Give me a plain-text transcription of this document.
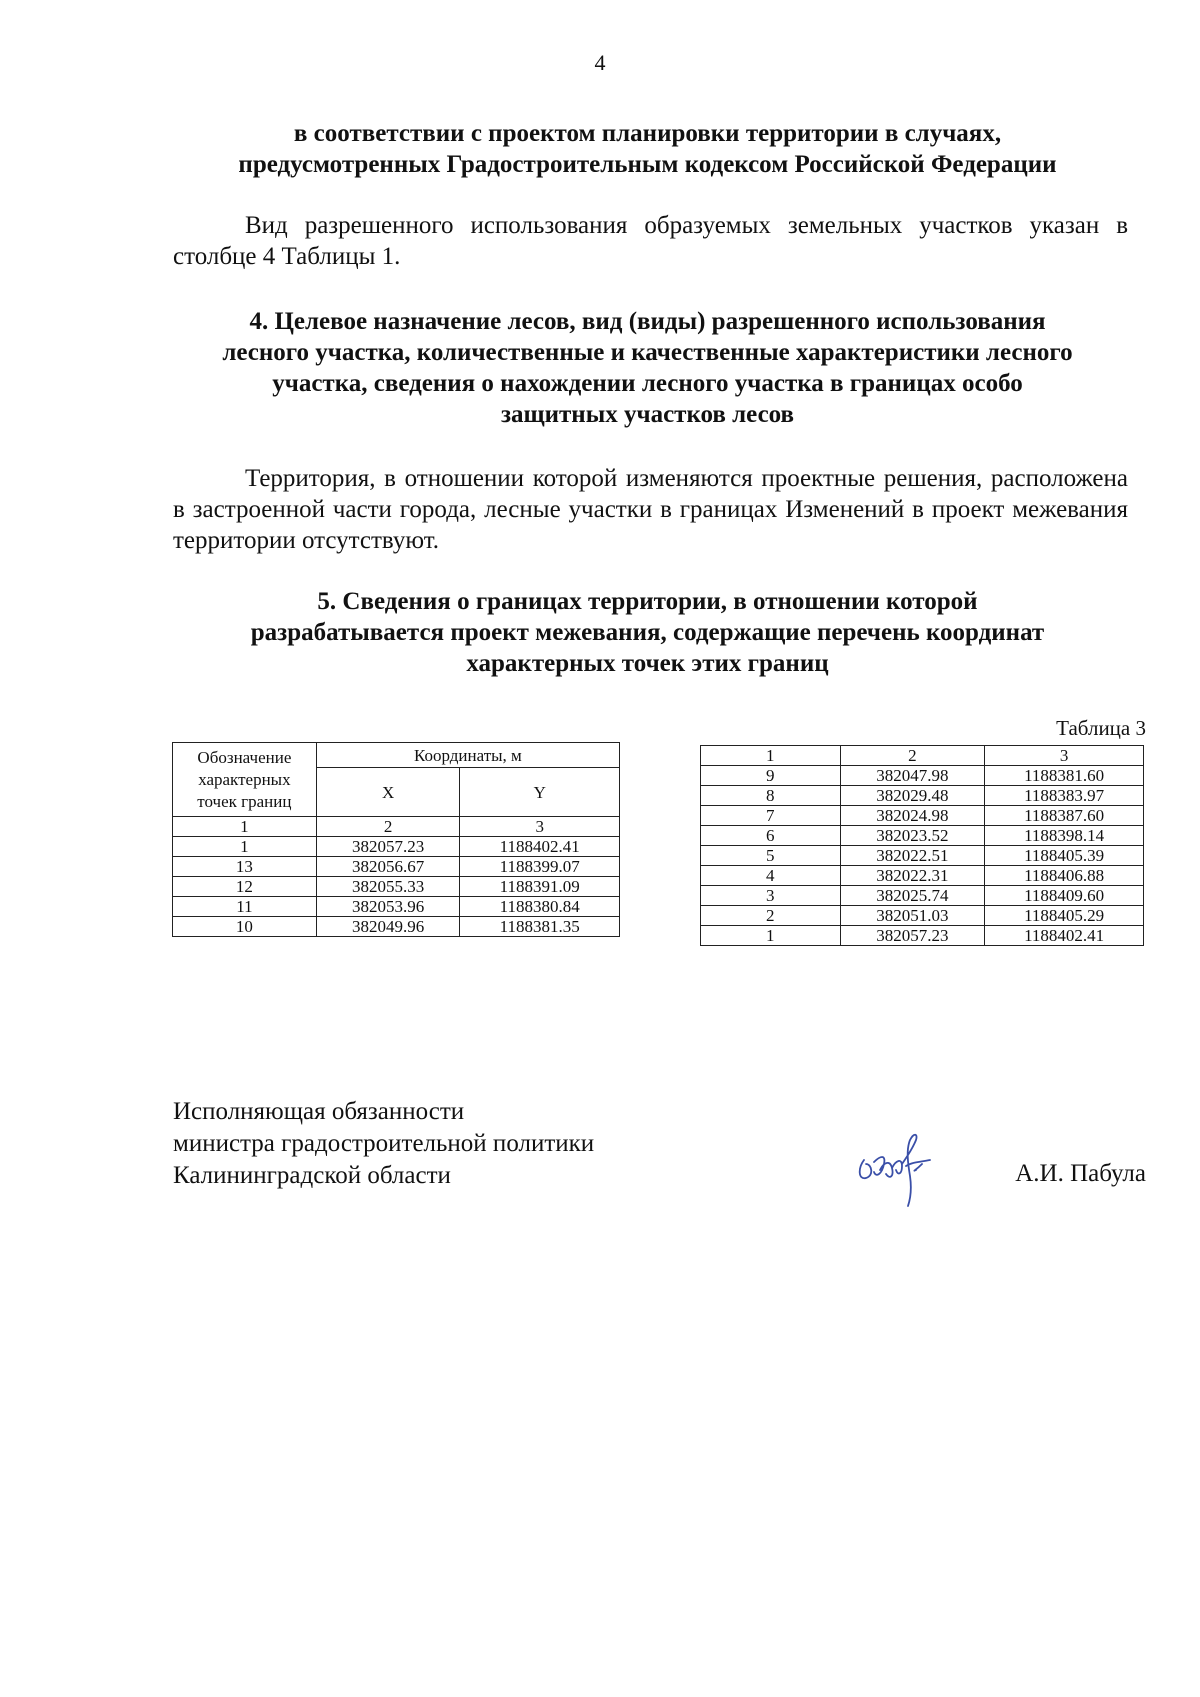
4
в соответствии с проектом планировки территории в случаях,
предусмотренных Градостроительным кодексом Российской Федерации

Вид разрешенного использования образуемых земельных участков указан в столбце 4 Таблицы 1.

4. Целевое назначение лесов, вид (виды) разрешенного использования
лесного участка, количественные и качественные характеристики лесного
участка, сведения о нахождении лесного участка в границах особо
защитных участков лесов

Территория, в отношении которой изменяются проектные решения, расположена в застроенной части города, лесные участки в границах Изменений в проект межевания территории отсутствуют.

5. Сведения о границах территории, в отношении которой
разрабатывается проект межевания, содержащие перечень координат
характерных точек этих границ
Таблица 3
Обозначение характерных точек границ	Координаты, м	
	X	Y
1	2	3
1	382057.23	1188402.41
13	382056.67	1188399.07
12	382055.33	1188391.09
11	382053.96	1188380.84
10	382049.96	1188381.35
1	2	3
9	382047.98	1188381.60
8	382029.48	1188383.97
7	382024.98	1188387.60
6	382023.52	1188398.14
5	382022.51	1188405.39
4	382022.31	1188406.88
3	382025.74	1188409.60
2	382051.03	1188405.29
1	382057.23	1188402.41
Исполняющая обязанности
министра градостроительной политики
Калининградской области	А.И. Пабула
